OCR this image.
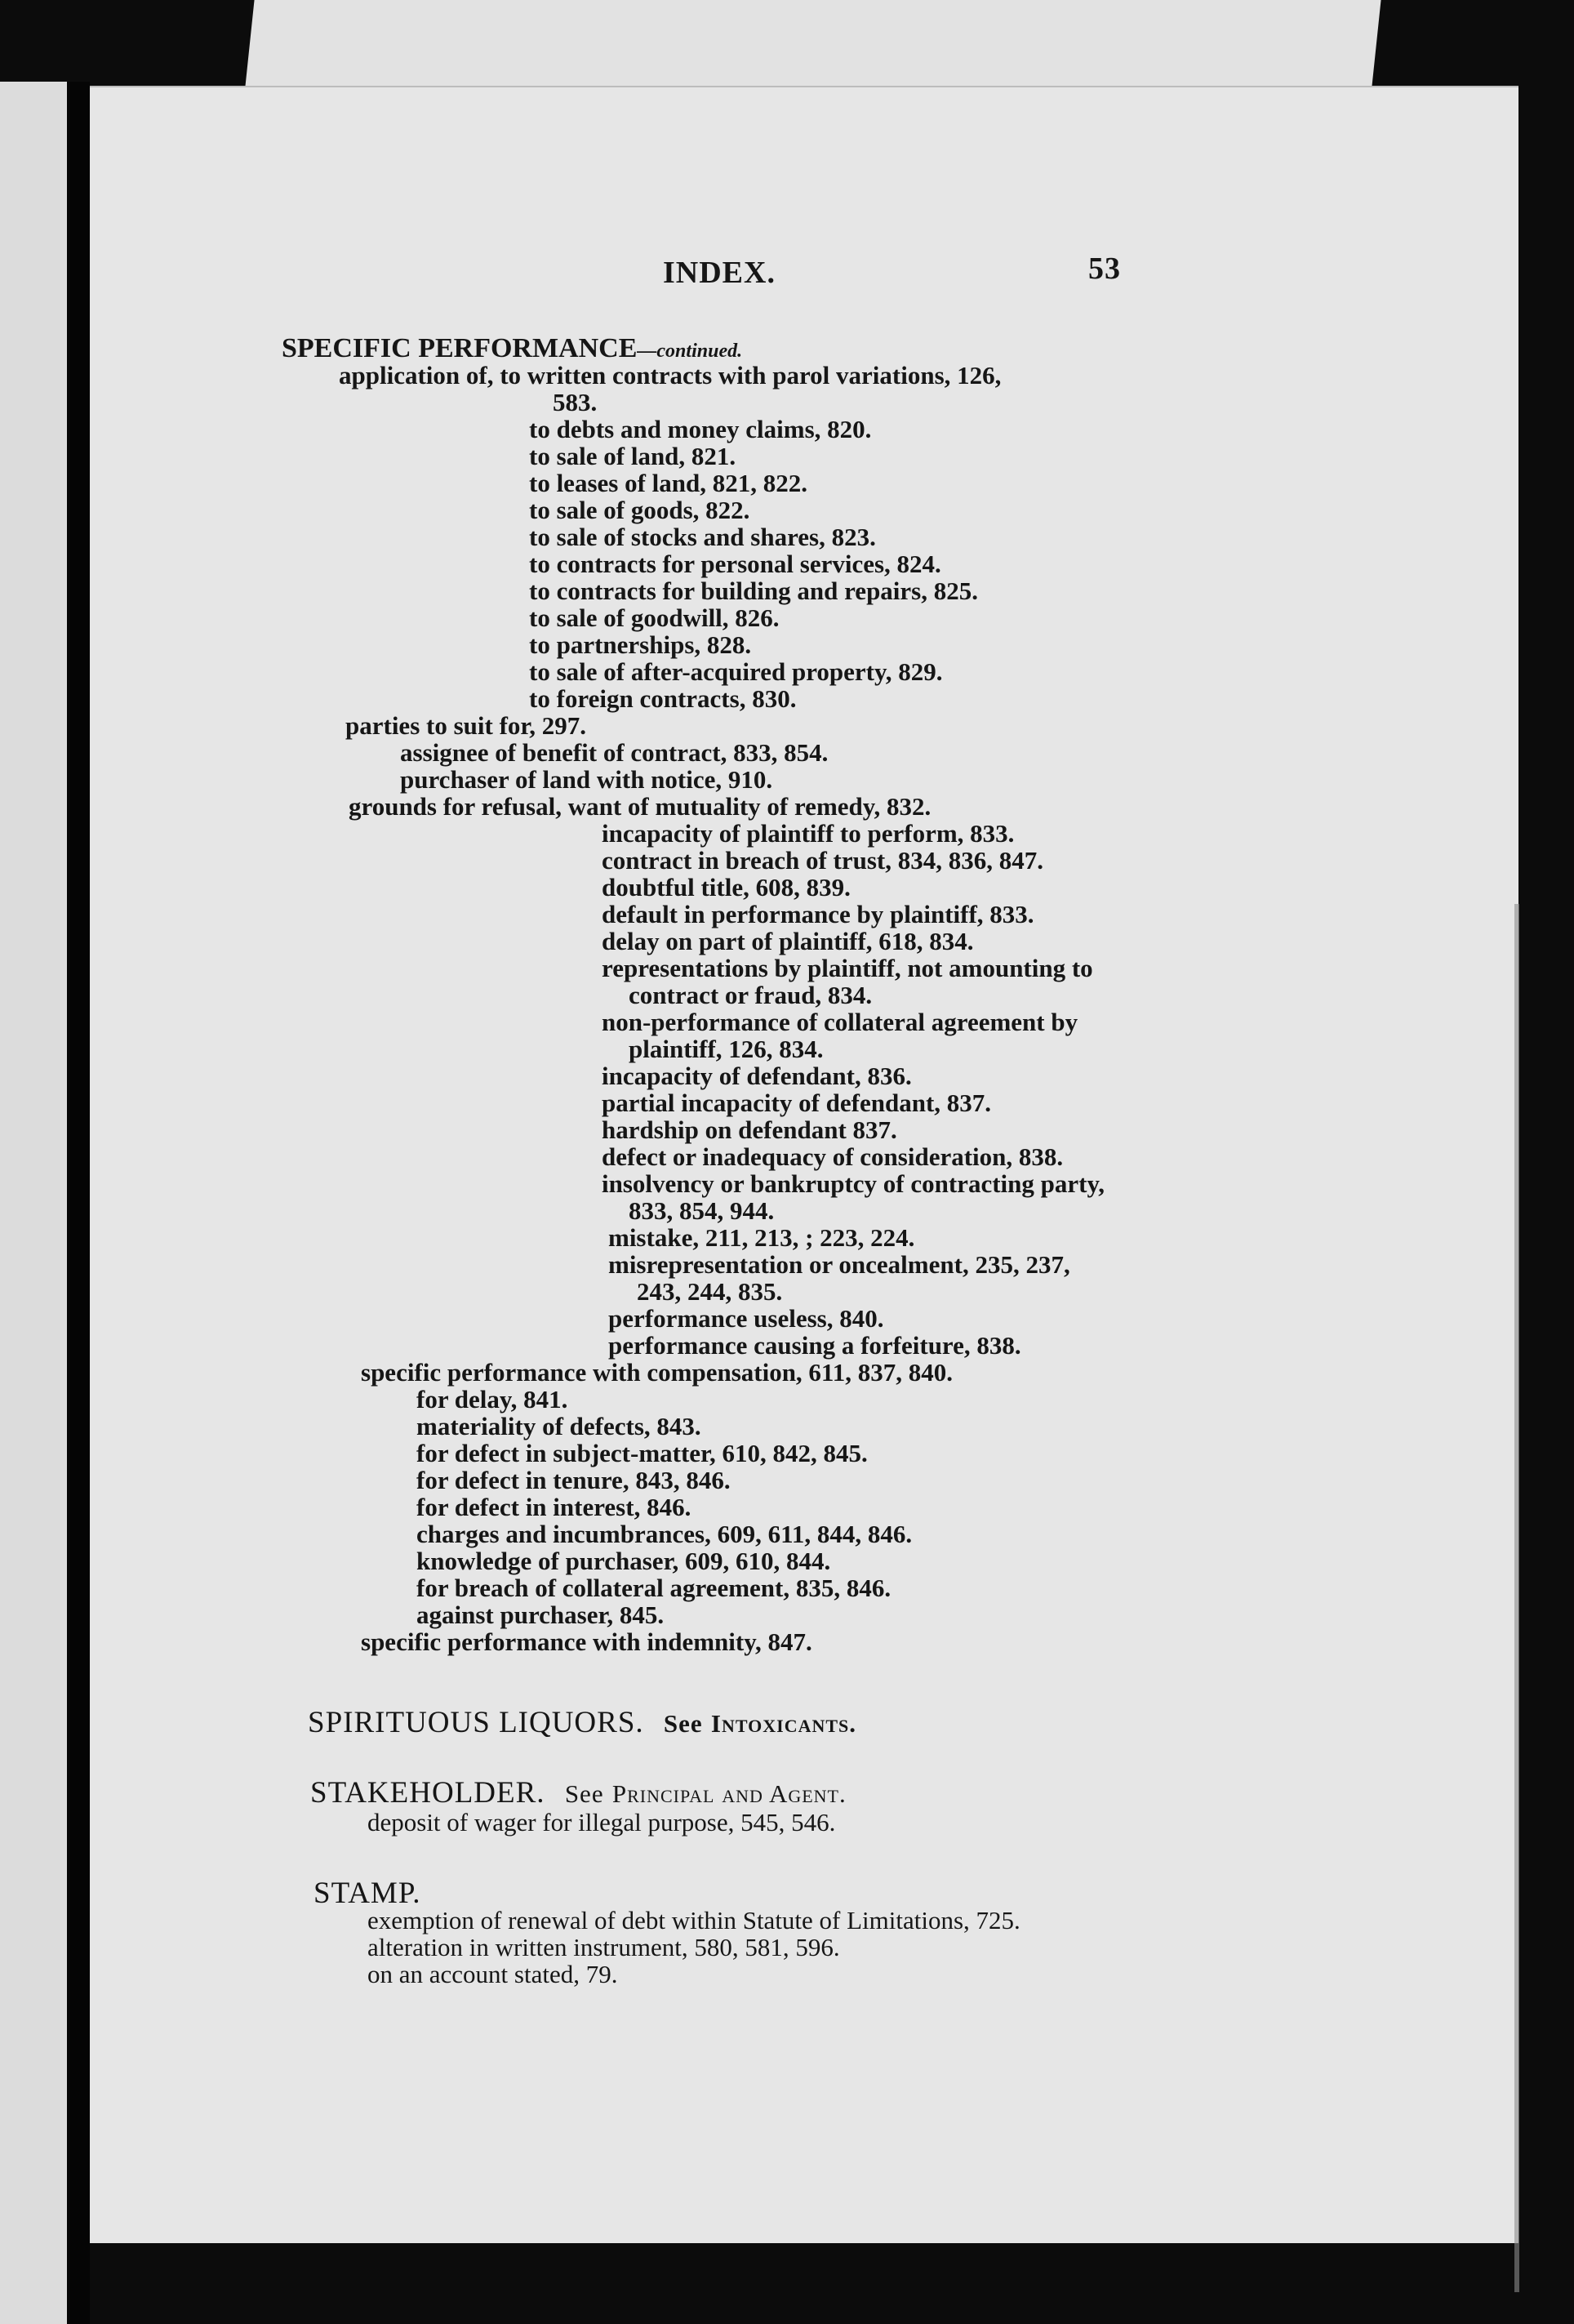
INDEX.	53
SPECIFIC PERFORMANCE—continued.
application of, to written contracts with parol variations, 126,
583.
to debts and money claims, 820.
to sale of land, 821.
to leases of land, 821, 822.
to sale of goods, 822.
to sale of stocks and shares, 823.
to contracts for personal services, 824.
to contracts for building and repairs, 825.
to sale of goodwill, 826.
to partnerships, 828.
to sale of after-acquired property, 829.
to foreign contracts, 830.
parties to suit for, 297.
assignee of benefit of contract, 833, 854.
purchaser of land with notice, 910.
grounds for refusal, want of mutuality of remedy, 832.
incapacity of plaintiff to perform, 833.
contract in breach of trust, 834, 836, 847.
doubtful title, 608, 839.
default in performance by plaintiff, 833.
delay on part of plaintiff, 618, 834.
representations by plaintiff, not amounting to
contract or fraud, 834.
non-performance of collateral agreement by
plaintiff, 126, 834.
incapacity of defendant, 836.
partial incapacity of defendant, 837.
hardship on defendant 837.
defect or inadequacy of consideration, 838.
insolvency or bankruptcy of contracting party,
833, 854, 944.
mistake, 211, 213, ; 223, 224.
misrepresentation or oncealment, 235, 237,
243, 244, 835.
performance useless, 840.
performance causing a forfeiture, 838.
specific performance with compensation, 611, 837, 840.
for delay, 841.
materiality of defects, 843.
for defect in subject-matter, 610, 842, 845.
for defect in tenure, 843, 846.
for defect in interest, 846.
charges and incumbrances, 609, 611, 844, 846.
knowledge of purchaser, 609, 610, 844.
for breach of collateral agreement, 835, 846.
against purchaser, 845.
specific performance with indemnity, 847.
SPIRITUOUS LIQUORS. See Intoxicants.
STAKEHOLDER. See Principal and Agent.
deposit of wager for illegal purpose, 545, 546.
STAMP.
exemption of renewal of debt within Statute of Limitations, 725.
alteration in written instrument, 580, 581, 596.
on an account stated, 79.
